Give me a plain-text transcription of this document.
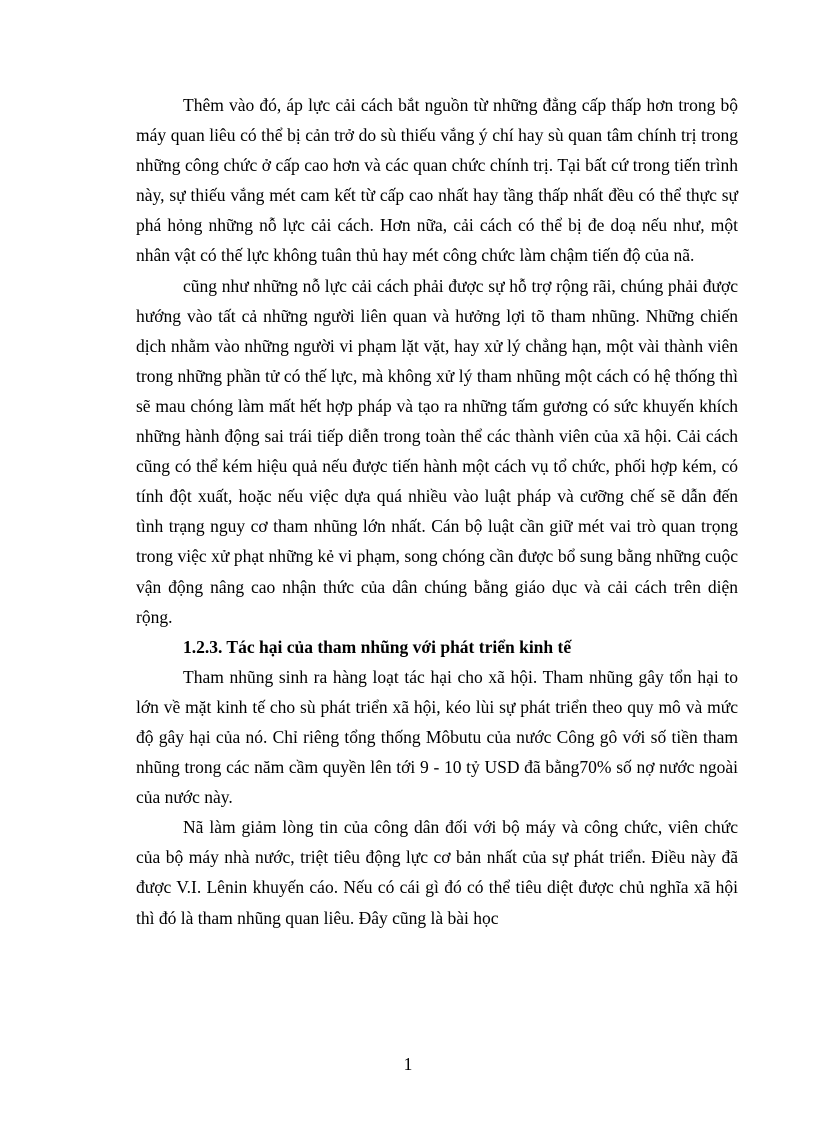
Thêm vào đó, áp lực cải cách bắt nguồn từ những đẳng cấp thấp hơn trong bộ máy quan liêu có thể bị cản trở do sù thiếu vắng ý chí hay sù quan tâm chính trị trong những công chức ở cấp cao hơn và các quan chức chính trị. Tại bất cứ trong tiến trình này, sự thiếu vắng mét cam kết từ cấp cao nhất hay tầng thấp nhất đều có thể thực sự phá hỏng những nỗ lực cải cách. Hơn nữa, cải cách có thể bị đe doạ nếu như, một nhân vật có thế lực không tuân thủ hay mét công chức làm chậm tiến độ của nã.

cũng như những nỗ lực cải cách phải được sự hỗ trợ rộng rãi, chúng phải được hướng vào tất cả những người liên quan và hưởng lợi tõ tham nhũng. Những chiến dịch nhằm vào những người vi phạm lặt vặt, hay xử lý chẳng hạn, một vài thành viên trong những phần tử có thế lực, mà không xử lý tham nhũng một cách có hệ thống thì sẽ mau chóng làm mất hết hợp pháp và tạo ra những tấm gương có sức khuyến khích những hành động sai trái tiếp diễn trong toàn thể các thành viên của xã hội. Cải cách cũng có thể kém hiệu quả nếu được tiến hành một cách vụ tổ chức, phối hợp kém, có tính đột xuất, hoặc nếu việc dựa quá nhiều vào luật pháp và cưỡng chế sẽ dẫn đến tình trạng nguy cơ tham nhũng lớn nhất. Cán bộ luật cần giữ mét vai trò quan trọng trong việc xử phạt những kẻ vi phạm, song chóng cần được bổ sung bằng những cuộc vận động nâng cao nhận thức của dân chúng bằng giáo dục và cải cách trên diện rộng.

1.2.3. Tác hại của tham nhũng với phát triển kinh tế

Tham nhũng sinh ra hàng loạt tác hại cho xã hội. Tham nhũng gây tổn hại to lớn về mặt kinh tế cho sù phát triển xã hội, kéo lùi sự phát triển theo quy mô và mức độ gây hại của nó. Chỉ riêng tổng thống Môbutu của nước Công gô với số tiền tham nhũng trong các năm cầm quyền lên tới 9 - 10 tỷ USD đã bằng70% số nợ nước ngoài của nước này.

Nã làm giảm lòng tin của công dân đối với bộ máy và công chức, viên chức của bộ máy nhà nước, triệt tiêu động lực cơ bản nhất của sự phát triển. Điều này đã được V.I. Lênin khuyến cáo. Nếu có cái gì đó có thể tiêu diệt được chủ nghĩa xã hội thì đó là tham nhũng quan liêu. Đây cũng là bài học

1
